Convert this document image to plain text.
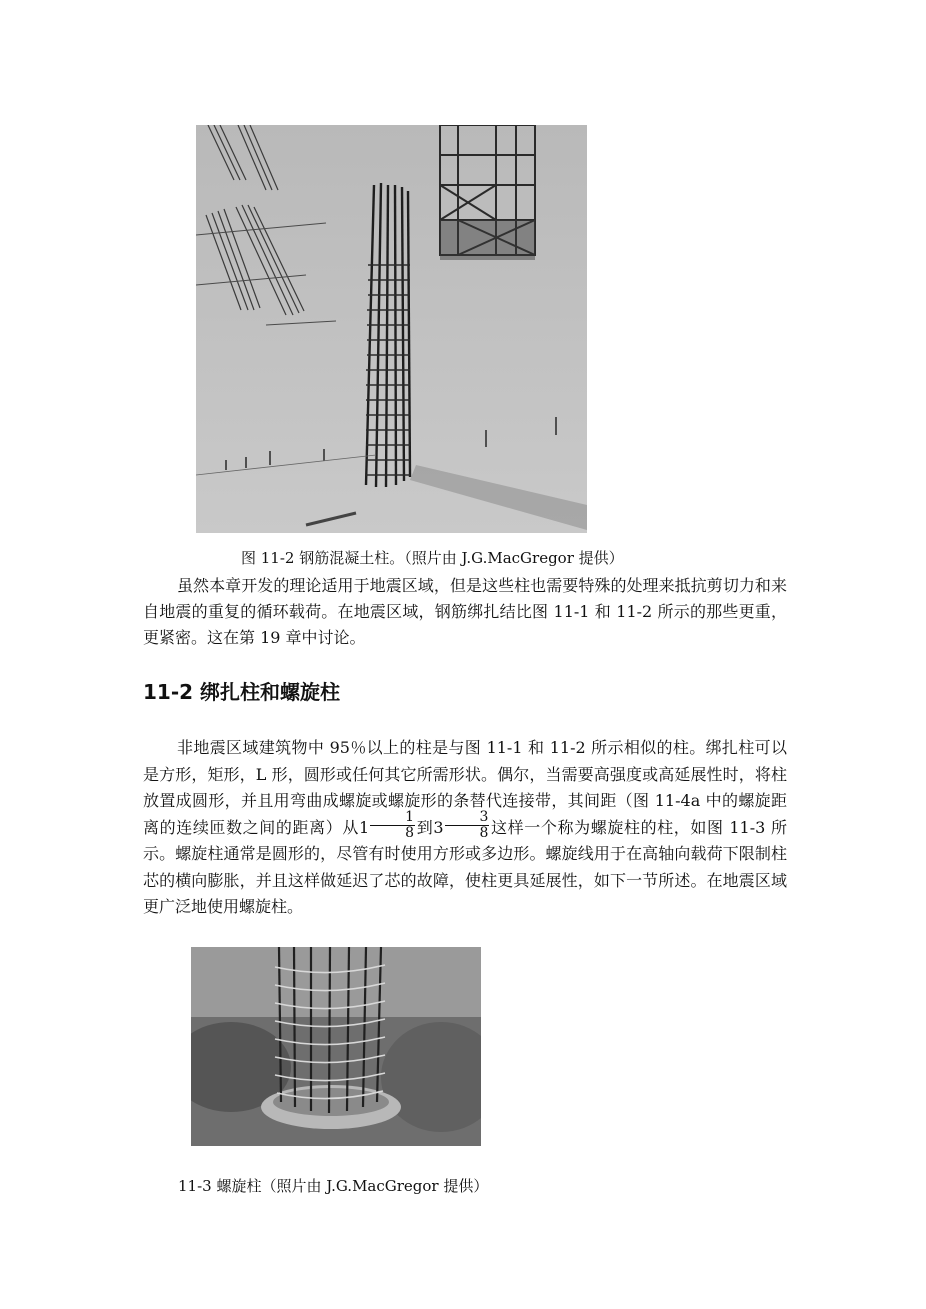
图 11-2 钢筋混凝土柱。（照片由 J.G.MacGregor 提供）
虽然本章开发的理论适用于地震区域，但是这些柱也需要特殊的处理来抵抗剪切力和来自地震的重复的循环载荷。在地震区域，钢筋绑扎结比图 11-1 和 11-2 所示的那些更重，更紧密。这在第 19 章中讨论。
11-2 绑扎柱和螺旋柱
非地震区域建筑物中 95％以上的柱是与图 11-1 和 11-2 所示相似的柱。绑扎柱可以是方形，矩形，L 形，圆形或任何其它所需形状。偶尔，当需要高强度或高延展性时，将柱放置成圆形，并且用弯曲成螺旋或螺旋形的条替代连接带，其间距（图 11-4a 中的螺旋距离的连续匝数之间的距离）从$1 \frac{1}{8}$ 到$3 \frac{3}{8}$ 这样一个称为螺旋柱的柱，如图 11-3 所示。螺旋柱通常是圆形的，尽管有时使用方形或多边形。螺旋线用于在高轴向载荷下限制柱芯的横向膨胀，并且这样做延迟了芯的故障，使柱更具延展性，如下一节所述。在地震区域更广泛地使用螺旋柱。
11-3 螺旋柱（照片由 J.G.MacGregor 提供）
